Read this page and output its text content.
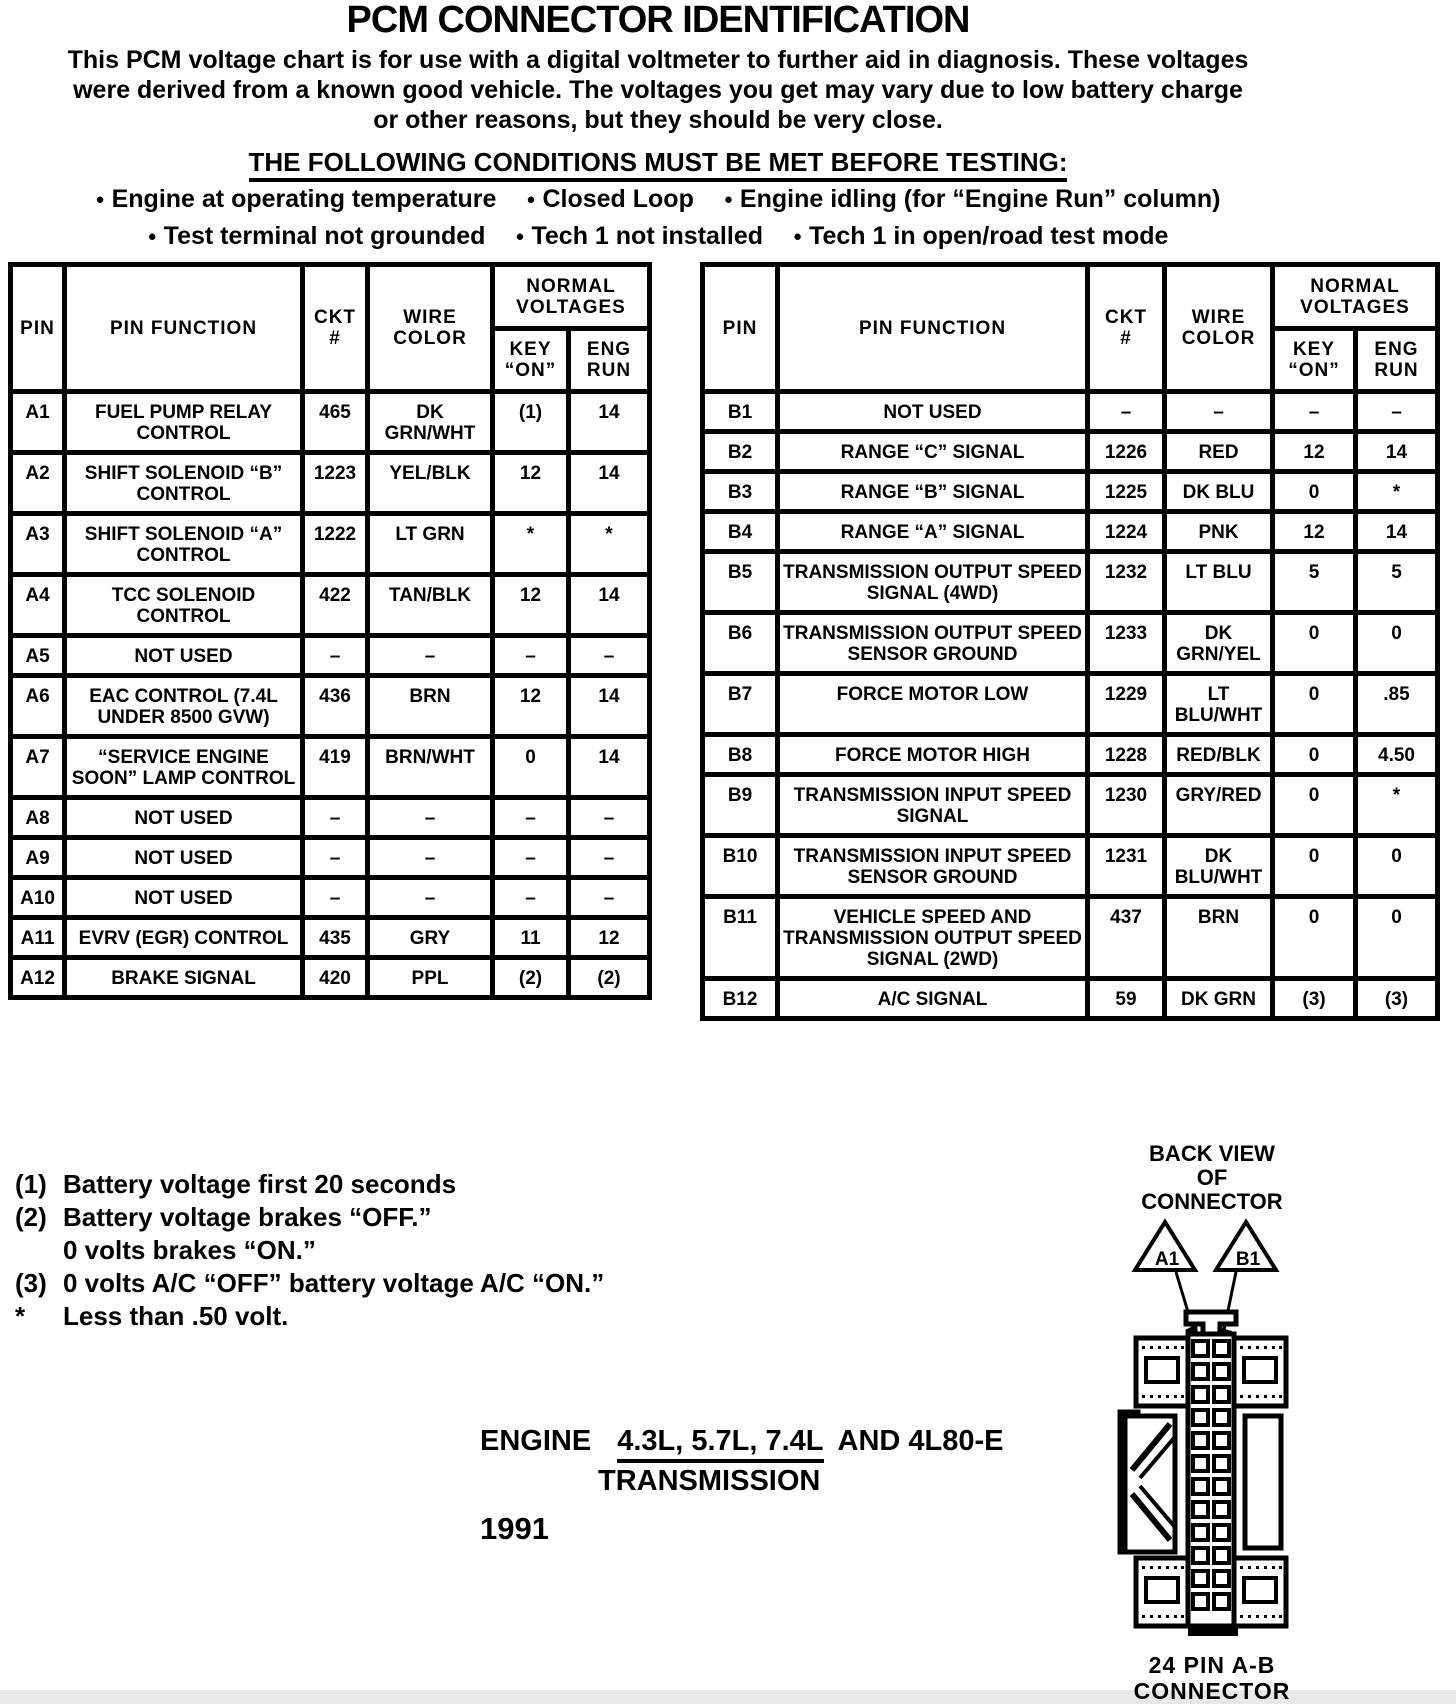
PCM CONNECTOR IDENTIFICATION
This PCM voltage chart is for use with a digital voltmeter to further aid in diagnosis. These voltages
were derived from a known good vehicle. The voltages you get may vary due to low battery charge
or other reasons, but they should be very close.
THE FOLLOWING CONDITIONS MUST BE MET BEFORE TESTING:
● Engine at operating temperature ● Closed Loop ● Engine idling (for “Engine Run” column)
● Test terminal not grounded ● Tech 1 not installed ● Tech 1 in open/road test mode
PIN	PIN FUNCTION	CKT
#	WIRE
COLOR	NORMAL
VOLTAGES	
				KEY
“ON”	ENG
RUN
A1	FUEL PUMP RELAY CONTROL	465	DK
GRN/WHT	(1)	14
A2	SHIFT SOLENOID “B” CONTROL	1223	YEL/BLK	12	14
A3	SHIFT SOLENOID “A” CONTROL	1222	LT GRN	*	*
A4	TCC SOLENOID CONTROL	422	TAN/BLK	12	14
A5	NOT USED	–	–	–	–
A6	EAC CONTROL (7.4L UNDER 8500 GVW)	436	BRN	12	14
A7	“SERVICE ENGINE SOON” LAMP CONTROL	419	BRN/WHT	0	14
A8	NOT USED	–	–	–	–
A9	NOT USED	–	–	–	–
A10	NOT USED	–	–	–	–
A11	EVRV (EGR) CONTROL	435	GRY	11	12
A12	BRAKE SIGNAL	420	PPL	(2)	(2)
PIN	PIN FUNCTION	CKT
#	WIRE
COLOR	NORMAL
VOLTAGES	
				KEY
“ON”	ENG
RUN
B1	NOT USED	–	–	–	–
B2	RANGE “C” SIGNAL	1226	RED	12	14
B3	RANGE “B” SIGNAL	1225	DK BLU	0	*
B4	RANGE “A” SIGNAL	1224	PNK	12	14
B5	TRANSMISSION OUTPUT SPEED SIGNAL (4WD)	1232	LT BLU	5	5
B6	TRANSMISSION OUTPUT SPEED SENSOR GROUND	1233	DK
GRN/YEL	0	0
B7	FORCE MOTOR LOW	1229	LT
BLU/WHT	0	.85
B8	FORCE MOTOR HIGH	1228	RED/BLK	0	4.50
B9	TRANSMISSION INPUT SPEED SIGNAL	1230	GRY/RED	0	*
B10	TRANSMISSION INPUT SPEED SENSOR GROUND	1231	DK
BLU/WHT	0	0
B11	VEHICLE SPEED AND TRANSMISSION OUTPUT SPEED SIGNAL (2WD)	437	BRN	0	0
B12	A/C SIGNAL	59	DK GRN	(3)	(3)
(1) Battery voltage first 20 seconds
(2) Battery voltage brakes “OFF.”
0 volts brakes “ON.”
(3) 0 volts A/C “OFF” battery voltage A/C “ON.”
*	Less than .50 volt.
ENGINE 4.3L, 5.7L, 7.4L AND 4L80-E
TRANSMISSION
1991
BACK VIEW
OF
CONNECTOR
A1	B1
24 PIN A-B
CONNECTOR
